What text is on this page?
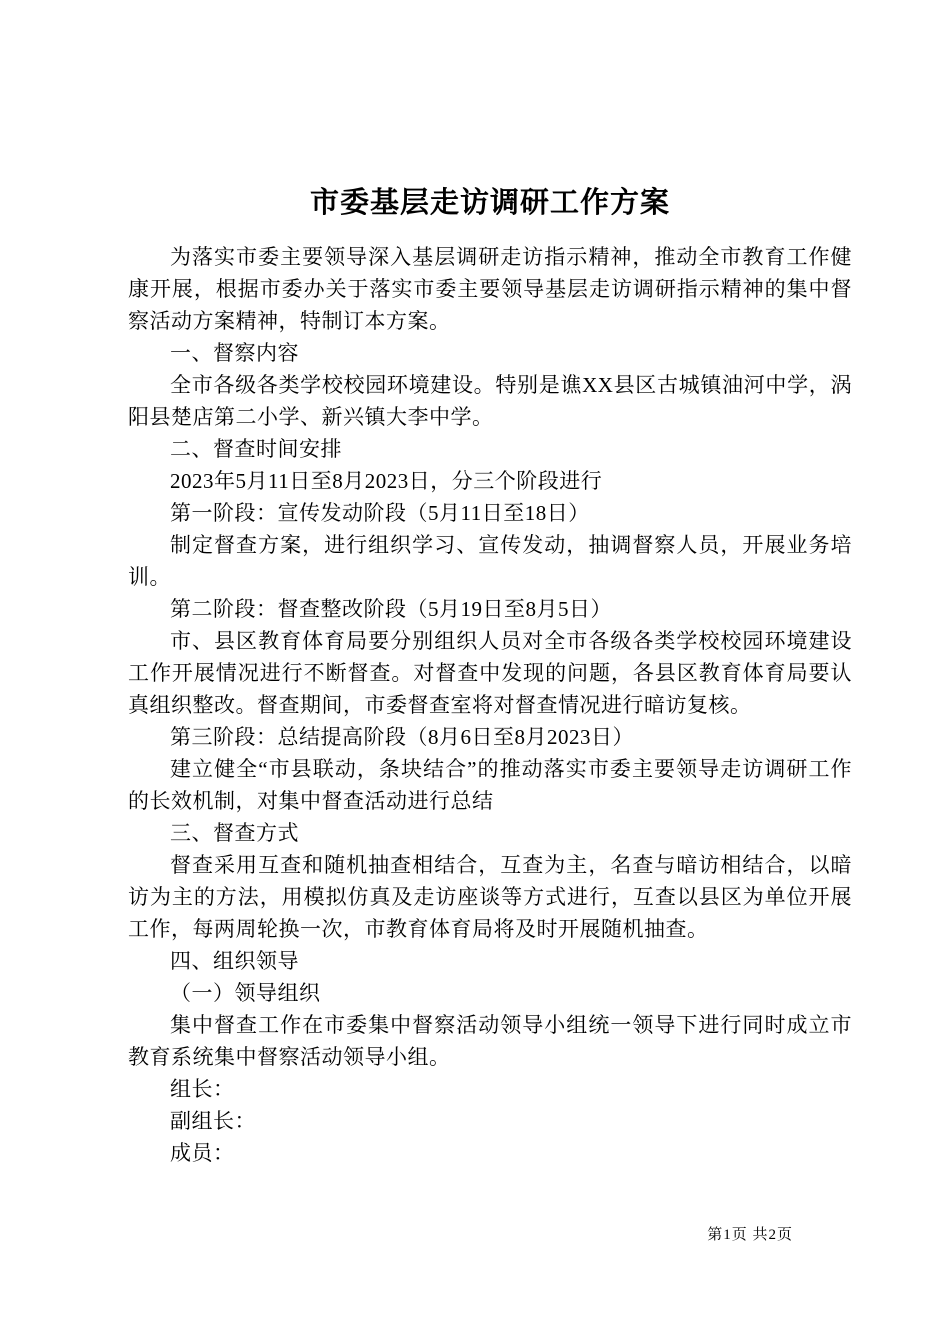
市委基层走访调研工作方案

为落实市委主要领导深入基层调研走访指示精神，推动全市教育工作健康开展，根据市委办关于落实市委主要领导基层走访调研指示精神的集中督察活动方案精神，特制订本方案。

一、督察内容

全市各级各类学校校园环境建设。特别是谯XX县区古城镇油河中学，涡阳县楚店第二小学、新兴镇大李中学。

二、督查时间安排

2023年5月11日至8月2023日，分三个阶段进行

第一阶段：宣传发动阶段（5月11日至18日）

制定督查方案，进行组织学习、宣传发动，抽调督察人员，开展业务培训。

第二阶段：督查整改阶段（5月19日至8月5日）

市、县区教育体育局要分别组织人员对全市各级各类学校校园环境建设工作开展情况进行不断督查。对督查中发现的问题，各县区教育体育局要认真组织整改。督查期间，市委督查室将对督查情况进行暗访复核。

第三阶段：总结提高阶段（8月6日至8月2023日）

建立健全“市县联动，条块结合”的推动落实市委主要领导走访调研工作的长效机制，对集中督查活动进行总结

三、督查方式

督查采用互查和随机抽查相结合，互查为主，名查与暗访相结合，以暗访为主的方法，用模拟仿真及走访座谈等方式进行，互查以县区为单位开展工作，每两周轮换一次，市教育体育局将及时开展随机抽查。

四、组织领导

（一）领导组织

集中督查工作在市委集中督察活动领导小组统一领导下进行同时成立市教育系统集中督察活动领导小组。

组长：

副组长：

成员：

第1页 共2页
